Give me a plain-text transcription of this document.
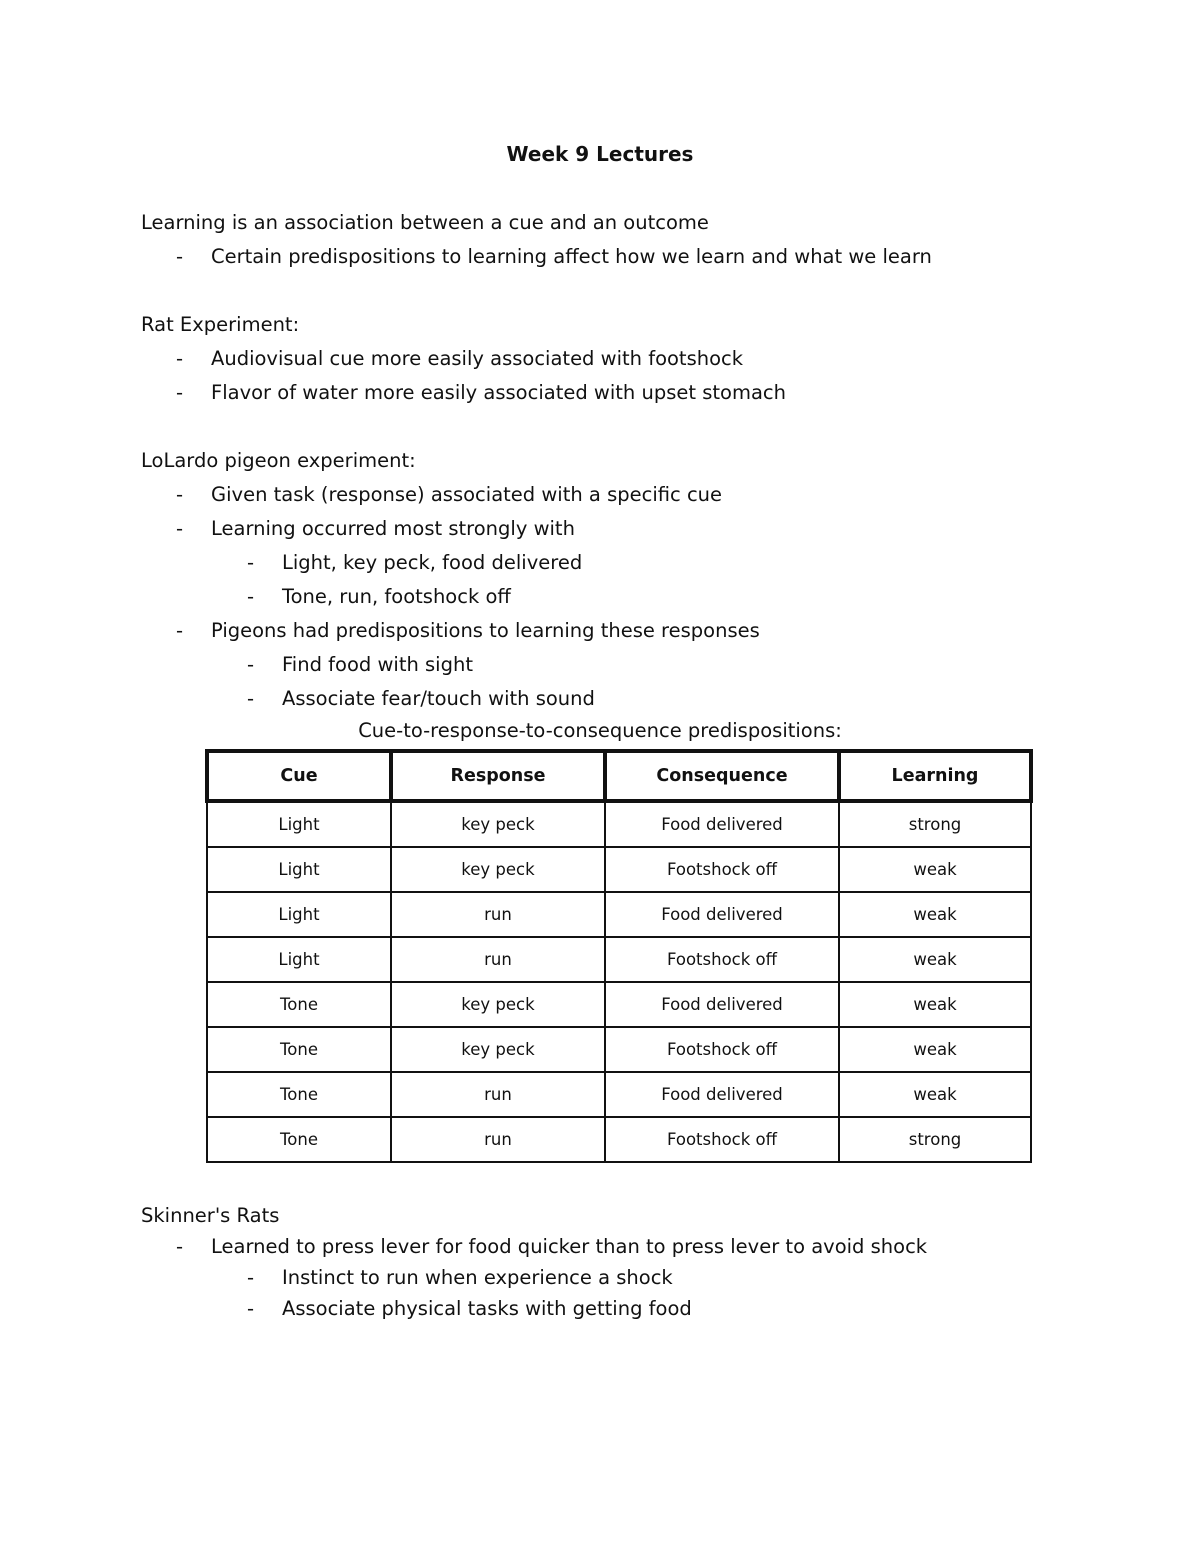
Week 9 Lectures
Learning is an association between a cue and an outcome
- Certain predispositions to learning affect how we learn and what we learn
Rat Experiment:
- Audiovisual cue more easily associated with footshock
- Flavor of water more easily associated with upset stomach
LoLardo pigeon experiment:
- Given task (response) associated with a specific cue
- Learning occurred most strongly with
- Light, key peck, food delivered
- Tone, run, footshock off
- Pigeons had predispositions to learning these responses
- Find food with sight
- Associate fear/touch with sound
Cue-to-response-to-consequence predispositions:
Cue	Response	Consequence	Learning
Light	key peck	Food delivered	strong
Light	key peck	Footshock off	weak
Light	run	Food delivered	weak
Light	run	Footshock off	weak
Tone	key peck	Food delivered	weak
Tone	key peck	Footshock off	weak
Tone	run	Food delivered	weak
Tone	run	Footshock off	strong
Skinner's Rats
- Learned to press lever for food quicker than to press lever to avoid shock
- Instinct to run when experience a shock
- Associate physical tasks with getting food
